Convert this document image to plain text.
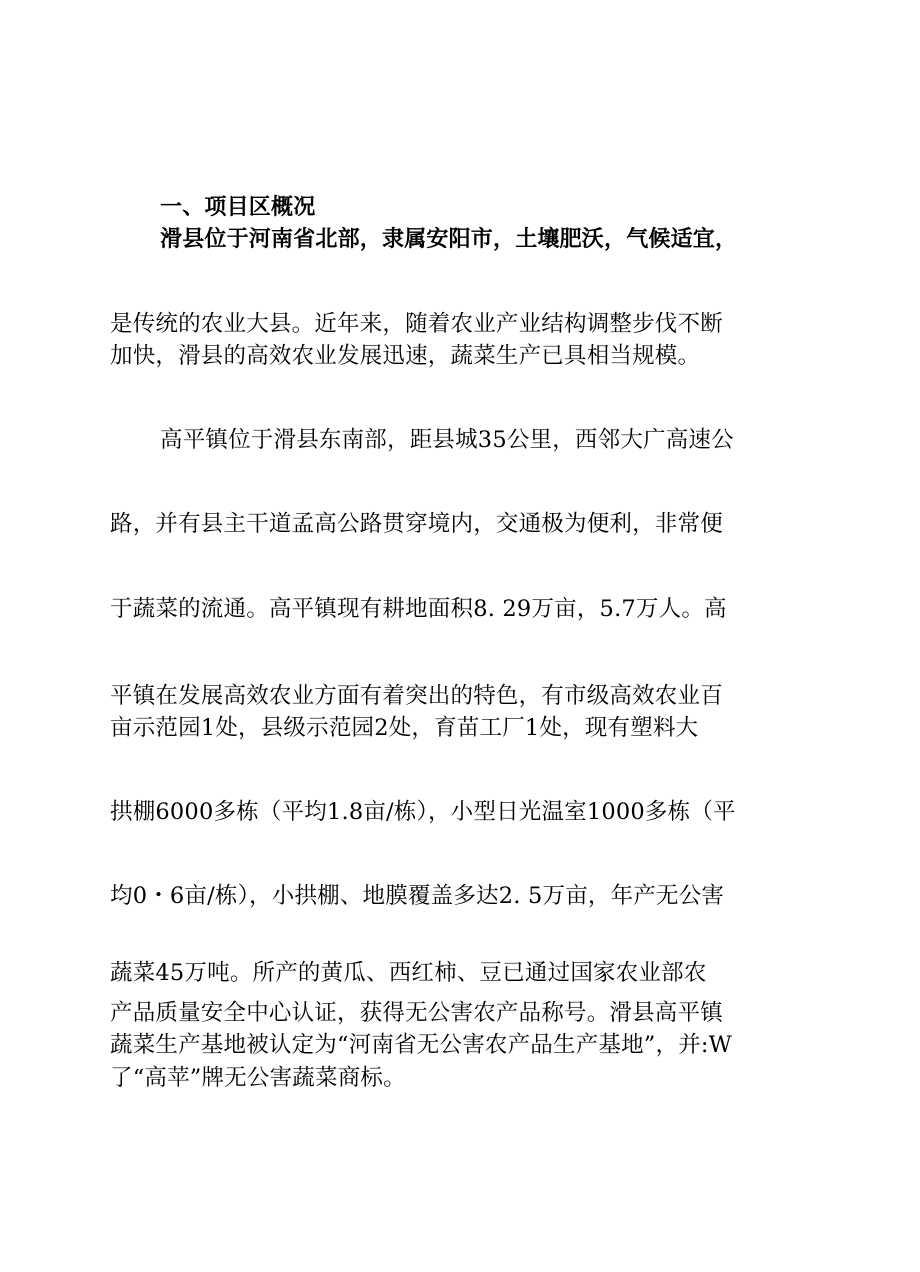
一、项目区概况
滑县位于河南省北部，隶属安阳市，土壤肥沃，气候适宜，
是传统的农业大县。近年来，随着农业产业结构调整步伐不断
加快，滑县的高效农业发展迅速，蔬菜生产已具相当规模。
高平镇位于滑县东南部，距县城35公里，西邻大广高速公
路，并有县主干道孟高公路贯穿境内，交通极为便利，非常便
于蔬菜的流通。高平镇现有耕地面积8. 29万亩，5.7万人。高
平镇在发展高效农业方面有着突出的特色，有市级高效农业百
亩示范园1处，县级示范园2处，育苗工厂1处，现有塑料大
拱棚6000多栋（平均1.8亩/栋），小型日光温室1000多栋（平
均0・6亩/栋），小拱棚、地膜覆盖多达2. 5万亩，年产无公害
蔬菜45万吨。所产的黄瓜、西红柿、豆已通过国家农业部农
产品质量安全中心认证，获得无公害农产品称号。滑县高平镇
蔬菜生产基地被认定为“河南省无公害农产品生产基地”，并:W
了“高苹”牌无公害蔬菜商标。
